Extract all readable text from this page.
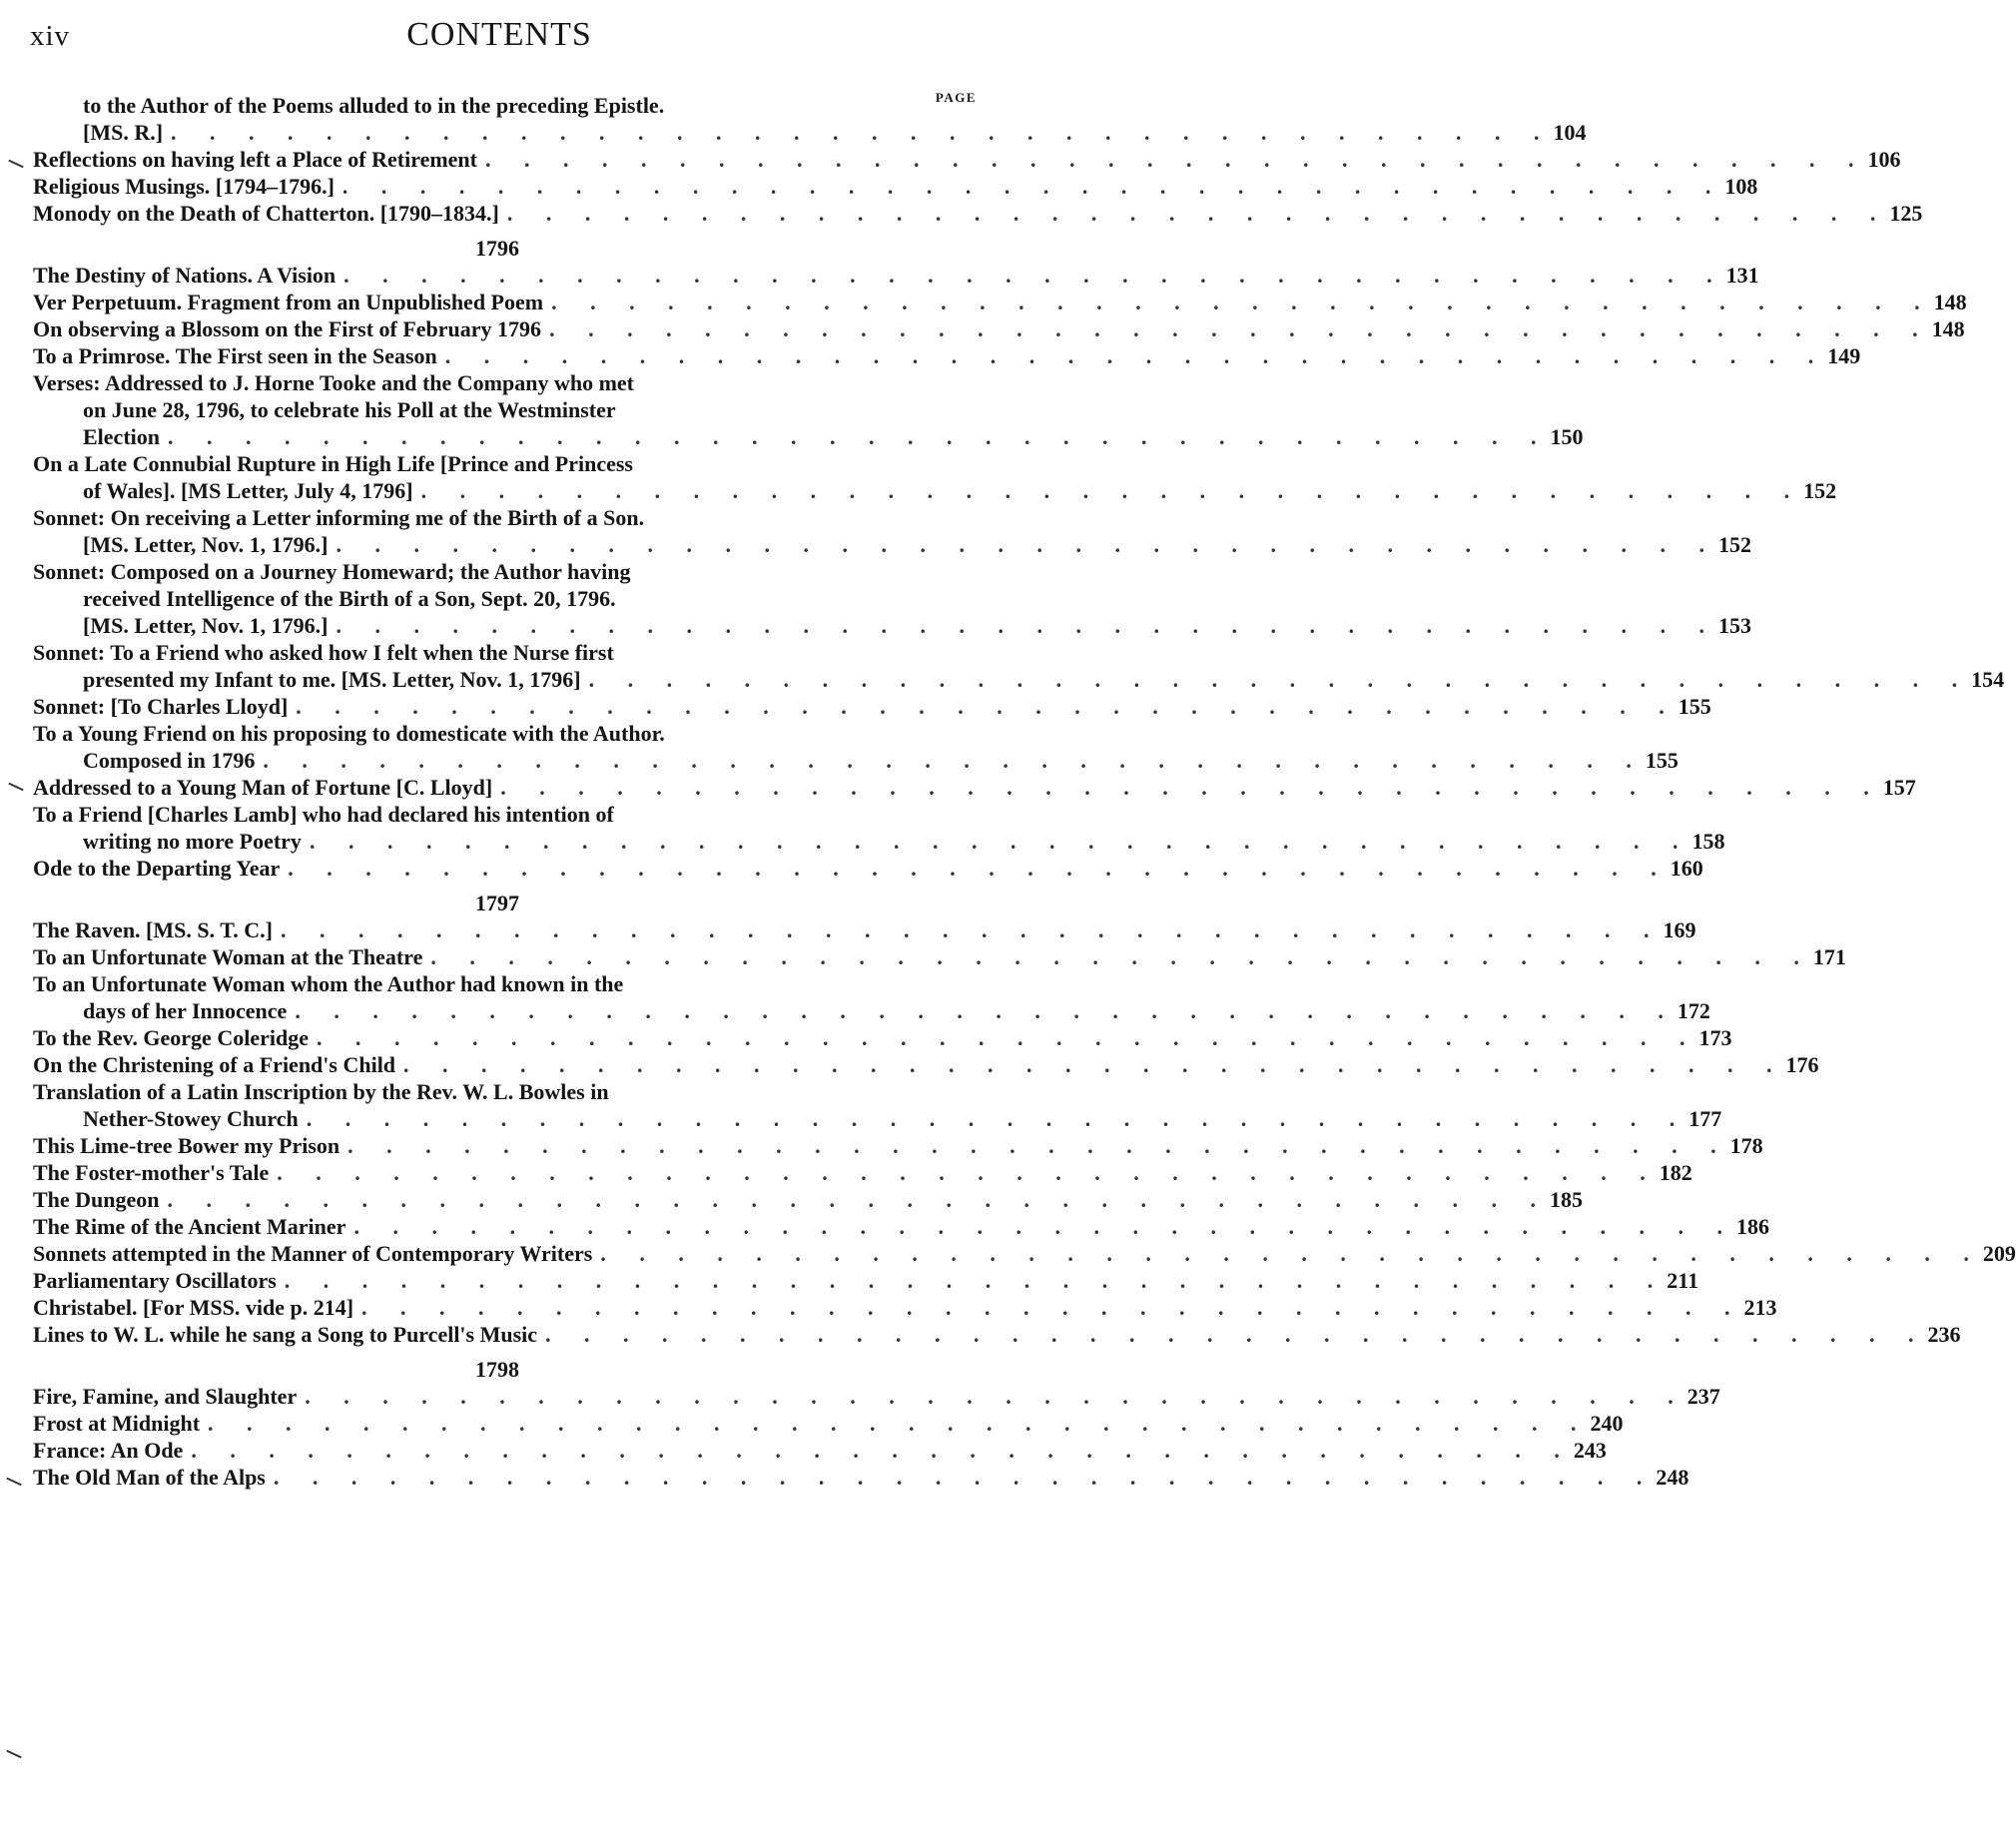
xiv	CONTENTS
PAGE
to the Author of the Poems alluded to in the preceding Epistle.
[MS. R.] . . .	104
Reflections on having left a Place of Retirement . . .	106
Religious Musings. [1794–1796.] . . .	108
Monody on the Death of Chatterton. [1790–1834.] . . .	125
1796
The Destiny of Nations. A Vision . . .	131
Ver Perpetuum. Fragment from an Unpublished Poem . . .	148
On observing a Blossom on the First of February 1796 . . .	148
To a Primrose. The First seen in the Season . . .	149
Verses: Addressed to J. Horne Tooke and the Company who met
on June 28, 1796, to celebrate his Poll at the Westminster
Election . . .	150
On a Late Connubial Rupture in High Life [Prince and Princess
of Wales]. [MS Letter, July 4, 1796] . . .	152
Sonnet: On receiving a Letter informing me of the Birth of a Son.
[MS. Letter, Nov. 1, 1796.] . . .	152
Sonnet: Composed on a Journey Homeward; the Author having
received Intelligence of the Birth of a Son, Sept. 20, 1796.
[MS. Letter, Nov. 1, 1796.] . . .	153
Sonnet: To a Friend who asked how I felt when the Nurse first
presented my Infant to me. [MS. Letter, Nov. 1, 1796] . . .	154
Sonnet: [To Charles Lloyd] . . .	155
To a Young Friend on his proposing to domesticate with the Author.
Composed in 1796 . . .	155
Addressed to a Young Man of Fortune [C. Lloyd] . . .	157
To a Friend [Charles Lamb] who had declared his intention of
writing no more Poetry . . .	158
Ode to the Departing Year . . .	160
1797
The Raven. [MS. S. T. C.] . . .	169
To an Unfortunate Woman at the Theatre . . .	171
To an Unfortunate Woman whom the Author had known in the
days of her Innocence . . .	172
To the Rev. George Coleridge . . .	173
On the Christening of a Friend's Child . . .	176
Translation of a Latin Inscription by the Rev. W. L. Bowles in
Nether-Stowey Church . . .	177
This Lime-tree Bower my Prison . . .	178
The Foster-mother's Tale . . .	182
The Dungeon . . .	185
The Rime of the Ancient Mariner . . .	186
Sonnets attempted in the Manner of Contemporary Writers . . .	209
Parliamentary Oscillators . . .	211
Christabel. [For MSS. vide p. 214] . . .	213
Lines to W. L. while he sang a Song to Purcell's Music . . .	236
1798
Fire, Famine, and Slaughter . . .	237
Frost at Midnight . . .	240
France: An Ode . . .	243
The Old Man of the Alps . . .	248
